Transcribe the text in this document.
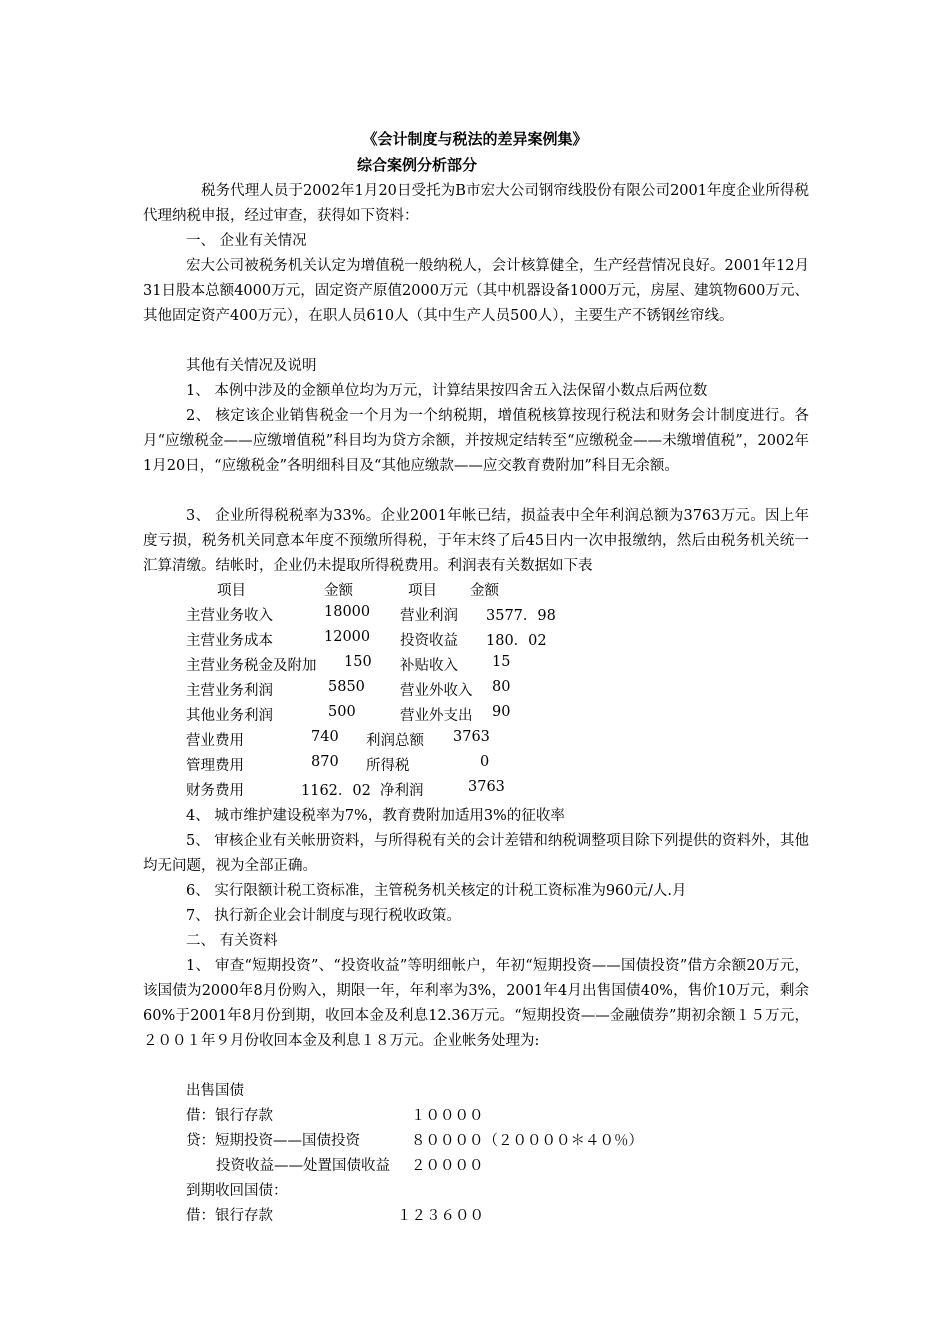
《会计制度与税法的差异案例集》
综合案例分析部分
税务代理人员于2002年1月20日受托为B市宏大公司钢帘线股份有限公司2001年度企业所得税代理纳税申报，经过审查，获得如下资料：
一、 企业有关情况
宏大公司被税务机关认定为增值税一般纳税人，会计核算健全，生产经营情况良好。2001年12月31日股本总额4000万元，固定资产原值2000万元（其中机器设备1000万元，房屋、建筑物600万元、其他固定资产400万元），在职人员610人（其中生产人员500人），主要生产不锈钢丝帘线。
其他有关情况及说明
1、 本例中涉及的金额单位均为万元，计算结果按四舍五入法保留小数点后两位数
2、 核定该企业销售税金一个月为一个纳税期，增值税核算按现行税法和财务会计制度进行。各月“应缴税金——应缴增值税”科目均为贷方余额，并按规定结转至“应缴税金——未缴增值税”，2002年1月20日，“应缴税金”各明细科目及“其他应缴款——应交教育费附加”科目无余额。
3、 企业所得税税率为33%。企业2001年帐已结，损益表中全年利润总额为3763万元。因上年度亏损，税务机关同意本年度不预缴所得税，于年末终了后45日内一次申报缴纳，然后由税务机关统一汇算清缴。结帐时，企业仍未提取所得税费用。利润表有关数据如下表
项目	金额	项目 金额
主营业务收入	18000 营业利润 3577．98
主营业务成本	12000 投资收益 180．02
主营业务税金及附加 150 补贴收入 15
主营业务利润	5850 营业外收入 80
其他业务利润	500	营业外支出 90
营业费用	740 利润总额 3763
管理费用	870 所得税	0
财务费用	1162．02 净利润	3763
4、 城市维护建设税率为7%，教育费附加适用3%的征收率
5、 审核企业有关帐册资料，与所得税有关的会计差错和纳税调整项目除下列提供的资料外，其他均无问题，视为全部正确。
6、 实行限额计税工资标准，主管税务机关核定的计税工资标准为960元/人.月
7、 执行新企业会计制度与现行税收政策。
二、 有关资料
1、 审查“短期投资”、“投资收益”等明细帐户，年初“短期投资——国债投资”借方余额20万元，该国债为2000年8月份购入，期限一年，年利率为3%，2001年4月出售国债40%，售价10万元，剩余60%于2001年8月份到期，收回本金及利息12.36万元。“短期投资——金融债券”期初余额１５万元，２００１年９月份收回本金及利息１８万元。企业帐务处理为:
出售国债
借：银行存款	１００００
贷：短期投资——国债投资	８００００（２００００＊４０％）
投资收益——处置国债收益 ２００００
到期收回国债：
借：银行存款	１２３６００
